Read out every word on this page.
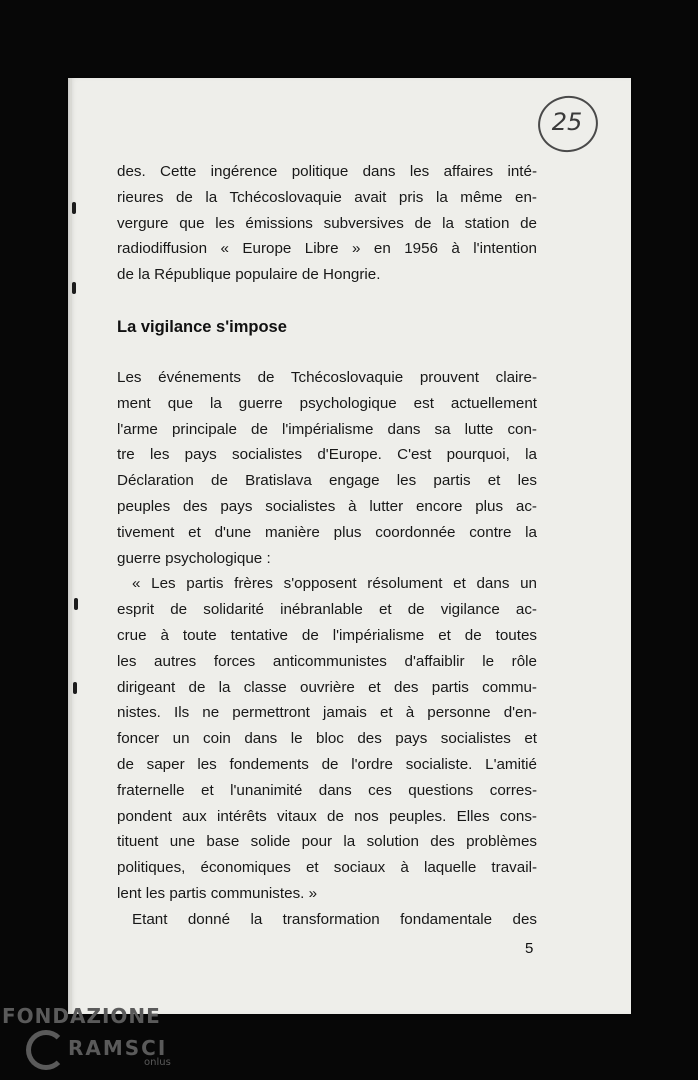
25
des. Cette ingérence politique dans les affaires inté-
rieures de la Tchécoslovaquie avait pris la même en-
vergure que les émissions subversives de la station de
radiodiffusion « Europe Libre » en 1956 à l'intention
de la République populaire de Hongrie.
La vigilance s'impose
Les événements de Tchécoslovaquie prouvent claire-
ment que la guerre psychologique est actuellement
l'arme principale de l'impérialisme dans sa lutte con-
tre les pays socialistes d'Europe. C'est pourquoi, la
Déclaration de Bratislava engage les partis et les
peuples des pays socialistes à lutter encore plus ac-
tivement et d'une manière plus coordonnée contre la
guerre psychologique :
« Les partis frères s'opposent résolument et dans un
esprit de solidarité inébranlable et de vigilance ac-
crue à toute tentative de l'impérialisme et de toutes
les autres forces anticommunistes d'affaiblir le rôle
dirigeant de la classe ouvrière et des partis commu-
nistes. Ils ne permettront jamais et à personne d'en-
foncer un coin dans le bloc des pays socialistes et
de saper les fondements de l'ordre socialiste. L'amitié
fraternelle et l'unanimité dans ces questions corres-
pondent aux intérêts vitaux de nos peuples. Elles cons-
tituent une base solide pour la solution des problèmes
politiques, économiques et sociaux à laquelle travail-
lent les partis communistes. »
Etant donné la transformation fondamentale des
5
FONDAZIONE
RAMSCI
onlus
